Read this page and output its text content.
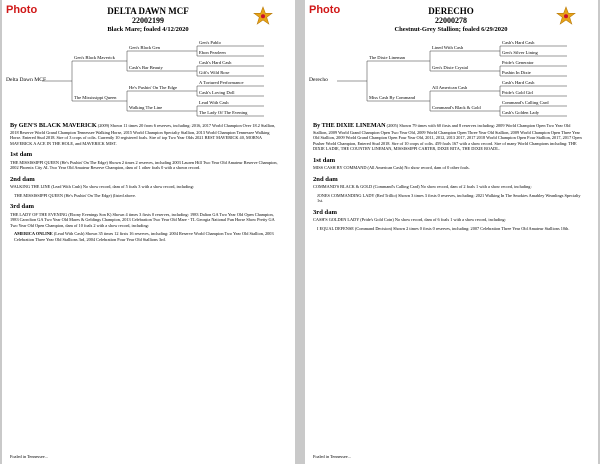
Photo	DELTA DAWN MCF
22002199
Black Mare; foaled 4/12/2020
Delta Dawn MCF
Gen's Black Maverick
The Mississippi Queen
Gen's Black Gen
Cash's Bar Beauty
He's Pushin' On The Edge
Walking The Line
Gen's Pablo
Ebon Pearleen
Cash's Hard Cash
Gift's Wild Rose
A Tortured Performance
Cash's Loving Doll
Lead With Cash
The Lady Of The Evening

By GEN'S BLACK MAVERICK (2009) Shown 11 times 20 from 6 reserves, including: 2016, 2017 World Champion Over 18.2 Stallion, 2018 Reserve World Grand Champion Tennessee Walking Horse, 2015 World Champion Specialty Stallion, 2013 World Champion Tennessee Walking Horse. Entered Stud 2018. Sire of 3 crops of colts. Currently 10 registered foals. Sire of top Two Year Olds 2021 BEST MAVERICK 40, MORNA MAVERICK A ACE IN THE HOLE, and MAVERICK MIST.

1st dam

THE MISSISSIPPI QUEEN (He's Pushin' On The Edge) Shown 2 times 2 reserves, including 2003 Lauren Hill Two Year Old Amateur Reserve Champion, 2002 Phoenix City AL Two Year Old Amateur Reserve Champion, dam of 1 other foals 0 with a shown record.

2nd dam

WALKING THE LINE (Lead With Cash) No show record, dam of 5 foals 3 with a show record, including:

THE MISSISSIPPI QUEEN (He's Pushin' On The Edge) (listed above.

3rd dam

THE LADY OF THE EVENING (Ebony Evenings Son K) Shown 4 times 3 firsts 0 reserves, including: 1983 Dalton GA Two Year Old Open Champion, 1983 Carrolton GA Two Year Old Mares & Geldings Champion, 2013 Celebration Two Year Old Mare - TL Georgia National Fun Horse Show Pretty GA Two Year Old Open Champion, dam of 10 foals 2 with a show record, including:

AMERICA ONLINE (Lead With Cash) Shown 35 times 12 firsts 16 reserves, including: 2004 Reserve World Champion Two Year Old Stallion, 2003 Celebration Three Year Old Stallions 3rd, 2004 Celebration Four Year Old Stallions 3rd.

Foaled in Tennessee...
Photo	DERECHO
22000278
Chestnut-Grey Stallion; foaled 6/29/2020
Derecho
The Dixie Lineman
Miss Cash By Command
Lined With Cash
Gen's Dixie Crystal
All American Cash
Command's Black & Gold
Cash's Hard Cash
Gen's Silver Lining
Pride's Generator
Pushin In Dixie
Cash's Hard Cash
Pride's Gold Girl
Command's Calling Card
Cash's Golden Lady

By THE DIXIE LINEMAN (2005) Shown 79 times with 60 firsts and 8 reserves including: 2009 World Champion Open Two Year Old Stallion, 2009 World Grand Champion Open Two Year Old, 2009 World Champion Open Three Year Old Stallion, 2009 World Champion Open Three Year Old Stallion, 2009 World Grand Champion Open Four Year Old, 2011, 2012, 2013 2017, 2017 2018 World Champion Open Four Stallion, 2017, 2017 Open Pusher World Champion, Entered Stud 2018. Sire of 10 crops of colts. 459 foals 167 with a show record. Sire of many World Champions including: THE DIXIE LADIE, THE COUNTRY LINEMAN, MISSISSIPPI CARTER, DIXIE RITA, THE DIXIE ROADL.

1st dam

MISS CASH BY COMMAND (All American Cash) No show record, dam of 0 other foals.

2nd dam

COMMAND'S BLACK & GOLD (Command's Calling Card) No show record, dam of 2 foals 1 with a show record, including:

JONES COMMANDING LADY (Red Trillio) Shown 3 times 3 firsts 0 reserves, including: 2021 Walking In The Smokies Amabley Weanlings Specialty 1st.

3rd dam

CASH'S GOLDEN LADY (Pride's Gold Coin) No show record, dam of 6 foals 1 with a show record, including:

I EQUAL DEFENSE (Command Decision) Shown 2 times 0 firsts 0 reserves, including: 2007 Celebration Three Year Old Amateur Stallions 10th.

Foaled in Tennessee...
